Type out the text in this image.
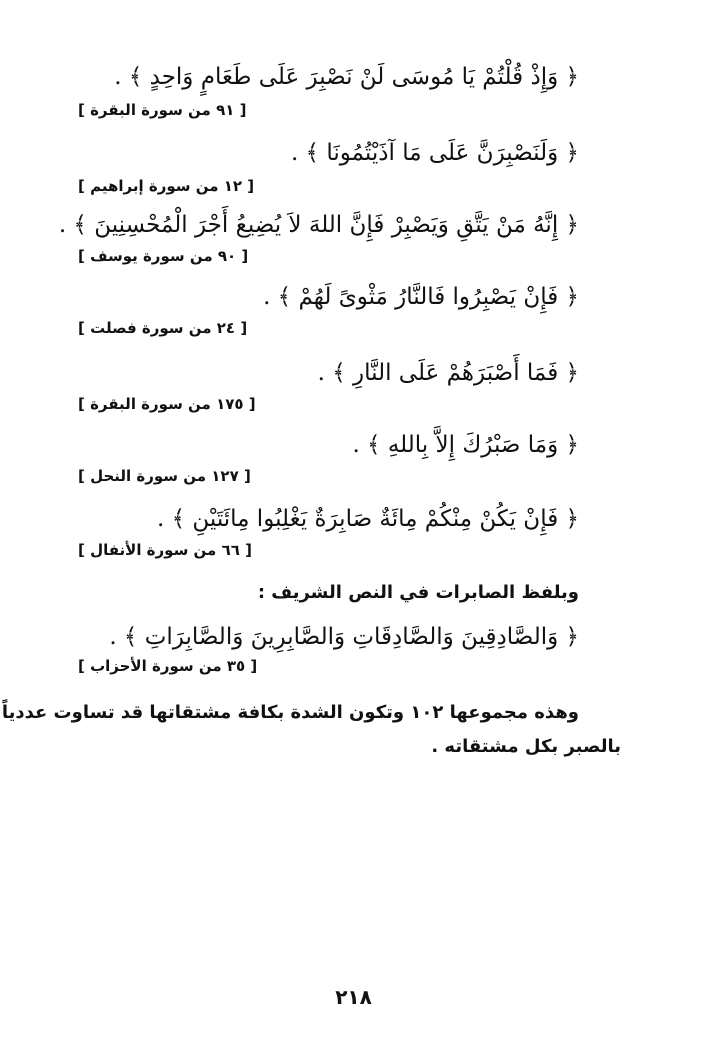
﴿ وَإِذْ قُلْتُمْ يَا مُوسَى لَنْ نَصْبِرَ عَلَى طَعَامٍ وَاحِدٍ ﴾ .
[ ٩١ من سورة البقرة ]
﴿ وَلَنَصْبِرَنَّ عَلَى مَا آذَيْتُمُونَا ﴾ .
[ ١٢ من سورة إبراهيم ]
﴿ إِنَّهُ مَنْ يَتَّقِ وَيَصْبِرْ فَإِنَّ اللهَ لاَ يُضِيعُ أَجْرَ الْمُحْسِنِينَ ﴾ .
[ ٩٠ من سورة يوسف ]
﴿ فَإِنْ يَصْبِرُوا فَالنَّارُ مَثْوىً لَهُمْ ﴾ .
[ ٢٤ من سورة فصلت ]
﴿ فَمَا أَصْبَرَهُمْ عَلَى النَّارِ ﴾ .
[ ١٧٥ من سورة البقرة ]
﴿ وَمَا صَبْرُكَ إِلاَّ بِاللهِ ﴾ .
[ ١٢٧ من سورة النحل ]
﴿ فَإِنْ يَكُنْ مِنْكُمْ مِائَةٌ صَابِرَةٌ يَغْلِبُوا مِائَتَيْنِ ﴾ .
[ ٦٦ من سورة الأنفال ]
وبلفظ الصابرات في النص الشريف :
﴿ وَالصَّادِقِينَ وَالصَّادِقَاتِ وَالصَّابِرِينَ وَالصَّابِرَاتِ ﴾ .
[ ٣٥ من سورة الأحزاب ]
وهذه مجموعها ١٠٢ وتكون الشدة بكافة مشتقاتها قد تساوت عددياً
بالصبر بكل مشتقاته .
٢١٨
